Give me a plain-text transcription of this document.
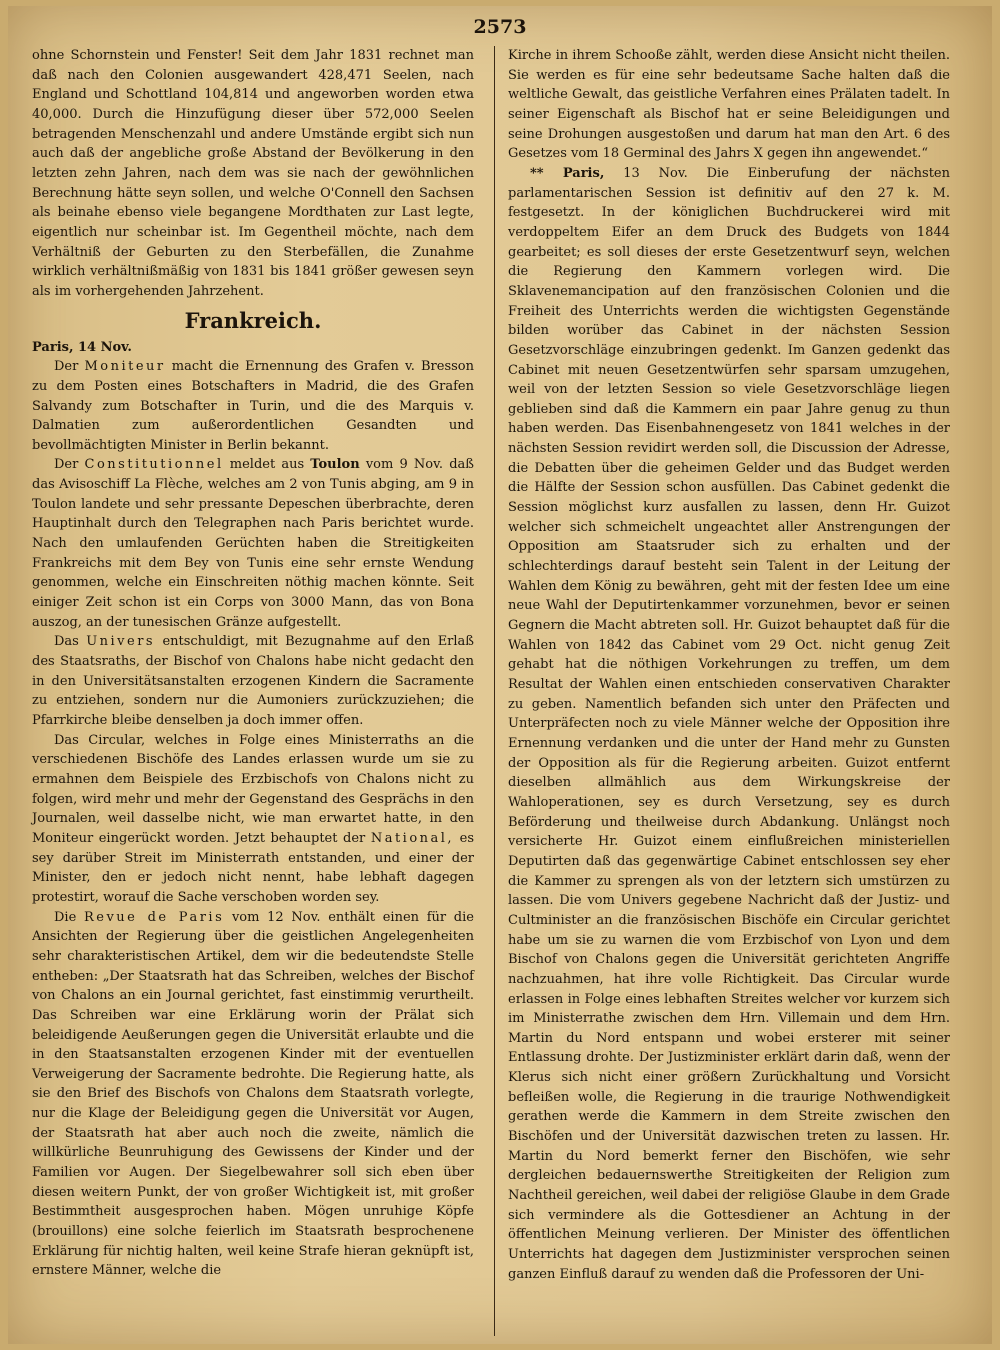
2573

ohne Schornstein und Fenster! Seit dem Jahr 1831 rechnet man daß nach den Colonien ausgewandert 428,471 Seelen, nach England und Schottland 104,814 und angeworben worden etwa 40,000. Durch die Hinzufügung dieser über 572,000 Seelen betragenden Menschenzahl und andere Umstände ergibt sich nun auch daß der angebliche große Abstand der Bevölkerung in den letzten zehn Jahren, nach dem was sie nach der gewöhnlichen Berechnung hätte seyn sollen, und welche O'Connell den Sachsen als beinahe ebenso viele begangene Mordthaten zur Last legte, eigentlich nur scheinbar ist. Im Gegentheil möchte, nach dem Verhältniß der Geburten zu den Sterbefällen, die Zunahme wirklich verhältnißmäßig von 1831 bis 1841 größer gewesen seyn als im vorhergehenden Jahrzehent.

Frankreich.

Paris, 14 Nov.

Der Moniteur macht die Ernennung des Grafen v. Bresson zu dem Posten eines Botschafters in Madrid, die des Grafen Salvandy zum Botschafter in Turin, und die des Marquis v. Dalmatien zum außerordentlichen Gesandten und bevollmächtigten Minister in Berlin bekannt.

Der Constitutionnel meldet aus Toulon vom 9 Nov. daß das Avisoschiff La Flèche, welches am 2 von Tunis abging, am 9 in Toulon landete und sehr pressante Depeschen überbrachte, deren Hauptinhalt durch den Telegraphen nach Paris berichtet wurde. Nach den umlaufenden Gerüchten haben die Streitigkeiten Frankreichs mit dem Bey von Tunis eine sehr ernste Wendung genommen, welche ein Einschreiten nöthig machen könnte. Seit einiger Zeit schon ist ein Corps von 3000 Mann, das von Bona auszog, an der tunesischen Gränze aufgestellt.

Das Univers entschuldigt, mit Bezugnahme auf den Erlaß des Staatsraths, der Bischof von Chalons habe nicht gedacht den in den Universitätsanstalten erzogenen Kindern die Sacramente zu entziehen, sondern nur die Aumoniers zurückzuziehen; die Pfarrkirche bleibe denselben ja doch immer offen.

Das Circular, welches in Folge eines Ministerraths an die verschiedenen Bischöfe des Landes erlassen wurde um sie zu ermahnen dem Beispiele des Erzbischofs von Chalons nicht zu folgen, wird mehr und mehr der Gegenstand des Gesprächs in den Journalen, weil dasselbe nicht, wie man erwartet hatte, in den Moniteur eingerückt worden. Jetzt behauptet der National, es sey darüber Streit im Ministerrath entstanden, und einer der Minister, den er jedoch nicht nennt, habe lebhaft dagegen protestirt, worauf die Sache verschoben worden sey.

Die Revue de Paris vom 12 Nov. enthält einen für die Ansichten der Regierung über die geistlichen Angelegenheiten sehr charakteristischen Artikel, dem wir die bedeutendste Stelle entheben: „Der Staatsrath hat das Schreiben, welches der Bischof von Chalons an ein Journal gerichtet, fast einstimmig verurtheilt. Das Schreiben war eine Erklärung worin der Prälat sich beleidigende Aeußerungen gegen die Universität erlaubte und die in den Staatsanstalten erzogenen Kinder mit der eventuellen Verweigerung der Sacramente bedrohte. Die Regierung hatte, als sie den Brief des Bischofs von Chalons dem Staatsrath vorlegte, nur die Klage der Beleidigung gegen die Universität vor Augen, der Staatsrath hat aber auch noch die zweite, nämlich die willkürliche Beunruhigung des Gewissens der Kinder und der Familien vor Augen. Der Siegelbewahrer soll sich eben über diesen weitern Punkt, der von großer Wichtigkeit ist, mit großer Bestimmtheit ausgesprochen haben. Mögen unruhige Köpfe (brouillons) eine solche feierlich im Staatsrath besprochenene Erklärung für nichtig halten, weil keine Strafe hieran geknüpft ist, ernstere Männer, welche die

Kirche in ihrem Schooße zählt, werden diese Ansicht nicht theilen. Sie werden es für eine sehr bedeutsame Sache halten daß die weltliche Gewalt, das geistliche Verfahren eines Prälaten tadelt. In seiner Eigenschaft als Bischof hat er seine Beleidigungen und seine Drohungen ausgestoßen und darum hat man den Art. 6 des Gesetzes vom 18 Germinal des Jahrs X gegen ihn angewendet.“

** Paris, 13 Nov. Die Einberufung der nächsten parlamentarischen Session ist definitiv auf den 27 k. M. festgesetzt. In der königlichen Buchdruckerei wird mit verdoppeltem Eifer an dem Druck des Budgets von 1844 gearbeitet; es soll dieses der erste Gesetzentwurf seyn, welchen die Regierung den Kammern vorlegen wird. Die Sklavenemancipation auf den französischen Colonien und die Freiheit des Unterrichts werden die wichtigsten Gegenstände bilden worüber das Cabinet in der nächsten Session Gesetzvorschläge einzubringen gedenkt. Im Ganzen gedenkt das Cabinet mit neuen Gesetzentwürfen sehr sparsam umzugehen, weil von der letzten Session so viele Gesetzvorschläge liegen geblieben sind daß die Kammern ein paar Jahre genug zu thun haben werden. Das Eisenbahnengesetz von 1841 welches in der nächsten Session revidirt werden soll, die Discussion der Adresse, die Debatten über die geheimen Gelder und das Budget werden die Hälfte der Session schon ausfüllen. Das Cabinet gedenkt die Session möglichst kurz ausfallen zu lassen, denn Hr. Guizot welcher sich schmeichelt ungeachtet aller Anstrengungen der Opposition am Staatsruder sich zu erhalten und der schlechterdings darauf besteht sein Talent in der Leitung der Wahlen dem König zu bewähren, geht mit der festen Idee um eine neue Wahl der Deputirtenkammer vorzunehmen, bevor er seinen Gegnern die Macht abtreten soll. Hr. Guizot behauptet daß für die Wahlen von 1842 das Cabinet vom 29 Oct. nicht genug Zeit gehabt hat die nöthigen Vorkehrungen zu treffen, um dem Resultat der Wahlen einen entschieden conservativen Charakter zu geben. Namentlich befanden sich unter den Präfecten und Unterpräfecten noch zu viele Männer welche der Opposition ihre Ernennung verdanken und die unter der Hand mehr zu Gunsten der Opposition als für die Regierung arbeiten. Guizot entfernt dieselben allmählich aus dem Wirkungskreise der Wahloperationen, sey es durch Versetzung, sey es durch Beförderung und theilweise durch Abdankung. Unlängst noch versicherte Hr. Guizot einem einflußreichen ministeriellen Deputirten daß das gegenwärtige Cabinet entschlossen sey eher die Kammer zu sprengen als von der letztern sich umstürzen zu lassen. Die vom Univers gegebene Nachricht daß der Justiz- und Cultminister an die französischen Bischöfe ein Circular gerichtet habe um sie zu warnen die vom Erzbischof von Lyon und dem Bischof von Chalons gegen die Universität gerichteten Angriffe nachzuahmen, hat ihre volle Richtigkeit. Das Circular wurde erlassen in Folge eines lebhaften Streites welcher vor kurzem sich im Ministerrathe zwischen dem Hrn. Villemain und dem Hrn. Martin du Nord entspann und wobei ersterer mit seiner Entlassung drohte. Der Justizminister erklärt darin daß, wenn der Klerus sich nicht einer größern Zurückhaltung und Vorsicht befleißen wolle, die Regierung in die traurige Nothwendigkeit gerathen werde die Kammern in dem Streite zwischen den Bischöfen und der Universität dazwischen treten zu lassen. Hr. Martin du Nord bemerkt ferner den Bischöfen, wie sehr dergleichen bedauernswerthe Streitigkeiten der Religion zum Nachtheil gereichen, weil dabei der religiöse Glaube in dem Grade sich vermindere als die Gottesdiener an Achtung in der öffentlichen Meinung verlieren. Der Minister des öffentlichen Unterrichts hat dagegen dem Justizminister versprochen seinen ganzen Einfluß darauf zu wenden daß die Professoren der Uni-
